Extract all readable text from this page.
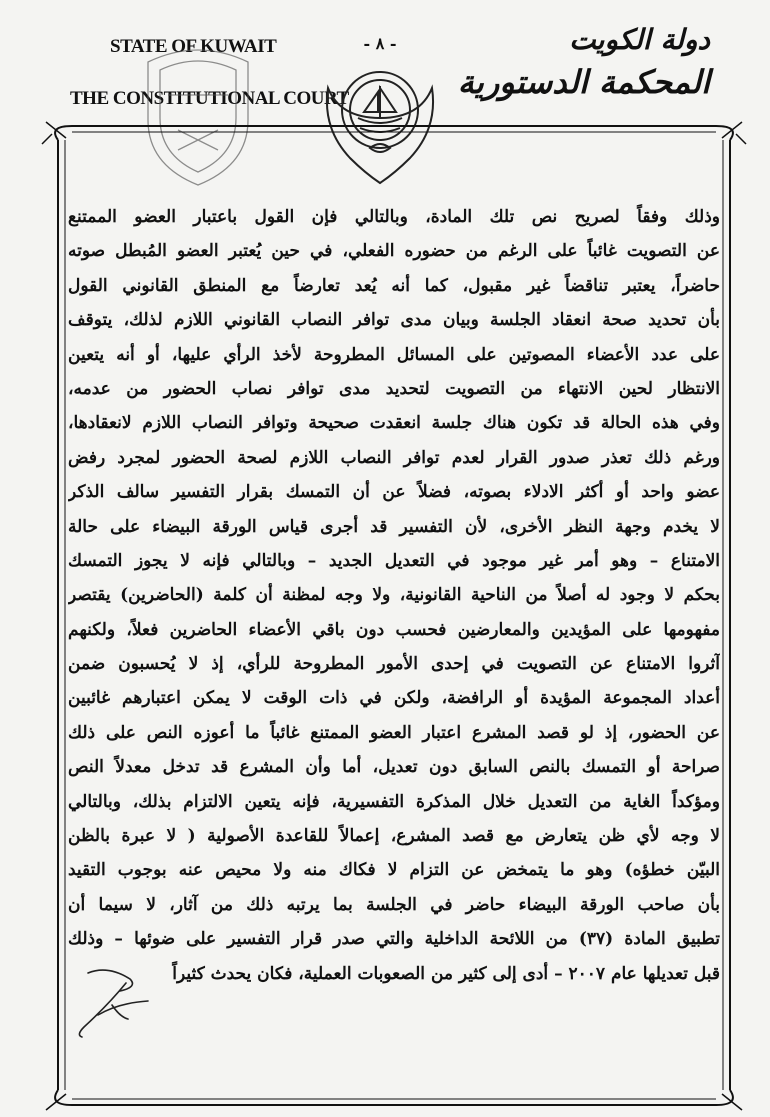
STATE OF KUWAIT
THE CONSTITUTIONAL COURT
- ٨ -	دولة الكويت
المحكمة الدستورية
وذلك وفقاً لصريح نص تلك المادة، وبالتالي فإن القول باعتبار العضو الممتنع
عن التصويت غائباً على الرغم من حضوره الفعلي، في حين يُعتبر العضو المُبطل صوته
حاضراً، يعتبر تناقضاً غير مقبول، كما أنه يُعد تعارضاً مع المنطق القانوني القول
بأن تحديد صحة انعقاد الجلسة وبيان مدى توافر النصاب القانوني اللازم لذلك، يتوقف
على عدد الأعضاء المصوتين على المسائل المطروحة لأخذ الرأي عليها، أو أنه يتعين
الانتظار لحين الانتهاء من التصويت لتحديد مدى توافر نصاب الحضور من عدمه،
وفي هذه الحالة قد تكون هناك جلسة انعقدت صحيحة وتوافر النصاب اللازم لانعقادها،
ورغم ذلك تعذر صدور القرار لعدم توافر النصاب اللازم لصحة الحضور لمجرد رفض
عضو واحد أو أكثر الادلاء بصوته، فضلاً عن أن التمسك بقرار التفسير سالف الذكر
لا يخدم وجهة النظر الأخرى، لأن التفسير قد أجرى قياس الورقة البيضاء على حالة
الامتناع – وهو أمر غير موجود في التعديل الجديد – وبالتالي فإنه لا يجوز التمسك
بحكم لا وجود له أصلاً من الناحية القانونية، ولا وجه لمظنة أن كلمة (الحاضرين) يقتصر
مفهومها على المؤيدين والمعارضين فحسب دون باقي الأعضاء الحاضرين فعلاً، ولكنهم
آثروا الامتناع عن التصويت في إحدى الأمور المطروحة للرأي، إذ لا يُحسبون ضمن
أعداد المجموعة المؤيدة أو الرافضة، ولكن في ذات الوقت لا يمكن اعتبارهم غائبين
عن الحضور، إذ لو قصد المشرع اعتبار العضو الممتنع غائباً ما أعوزه النص على ذلك
صراحة أو التمسك بالنص السابق دون تعديل، أما وأن المشرع قد تدخل معدلاً النص
ومؤكداً الغاية من التعديل خلال المذكرة التفسيرية، فإنه يتعين الالتزام بذلك، وبالتالي
لا وجه لأي ظن يتعارض مع قصد المشرع، إعمالاً للقاعدة الأصولية ( لا عبرة بالظن
البيّن خطؤه) وهو ما يتمخض عن التزام لا فكاك منه ولا محيص عنه بوجوب التقيد
بأن صاحب الورقة البيضاء حاضر في الجلسة بما يرتبه ذلك من آثار، لا سيما أن
تطبيق المادة (٣٧) من اللائحة الداخلية والتي صدر قرار التفسير على ضوئها – وذلك
قبل تعديلها عام ٢٠٠٧ – أدى إلى كثير من الصعوبات العملية، فكان يحدث كثيراً
